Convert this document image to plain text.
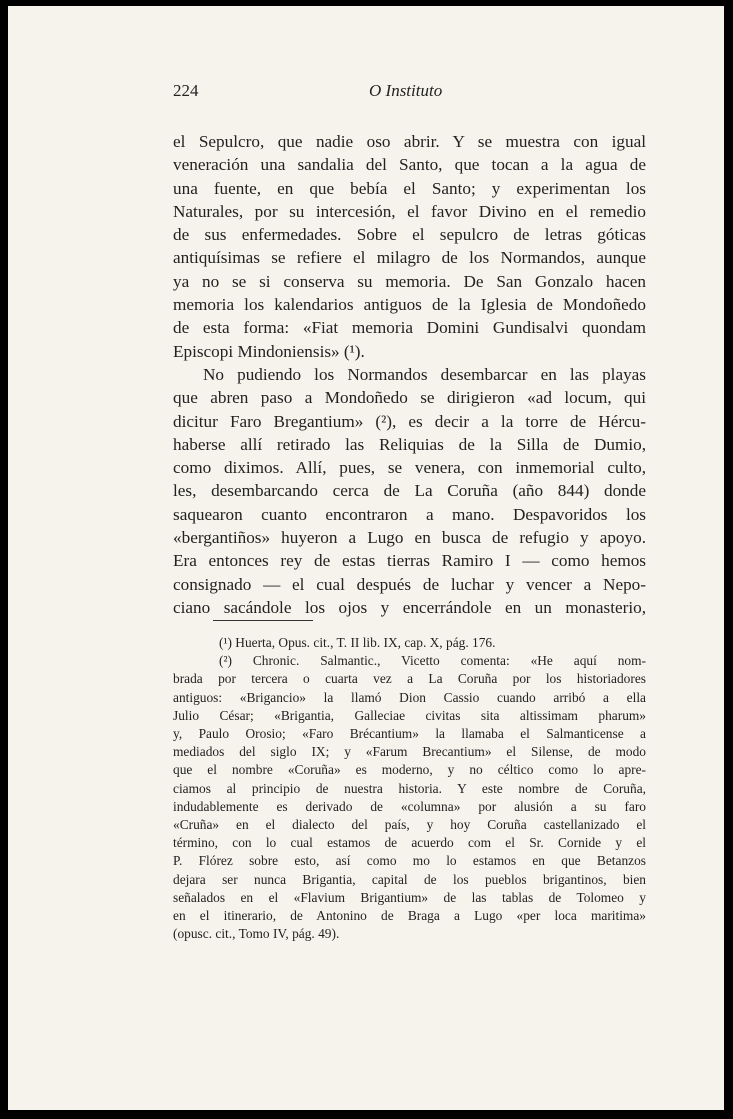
224	O Instituto
el Sepulcro, que nadie oso abrir. Y se muestra con igual
veneración una sandalia del Santo, que tocan a la agua de
una fuente, en que bebía el Santo; y experimentan los
Naturales, por su intercesión, el favor Divino en el remedio
de sus enfermedades. Sobre el sepulcro de letras góticas
antiquísimas se refiere el milagro de los Normandos, aunque
ya no se si conserva su memoria. De San Gonzalo hacen
memoria los kalendarios antiguos de la Iglesia de Mondoñedo
de esta forma: «Fiat memoria Domini Gundisalvi quondam
Episcopi Mindoniensis» (¹).
No pudiendo los Normandos desembarcar en las playas
que abren paso a Mondoñedo se dirigieron «ad locum, qui
dicitur Faro Bregantium» (²), es decir a la torre de Hércu-
haberse allí retirado las Reliquias de la Silla de Dumio,
como diximos. Allí, pues, se venera, con inmemorial culto,
les, desembarcando cerca de La Coruña (año 844) donde
saquearon cuanto encontraron a mano. Despavoridos los
«bergantiños» huyeron a Lugo en busca de refugio y apoyo.
Era entonces rey de estas tierras Ramiro I — como hemos
consignado — el cual después de luchar y vencer a Nepo-
ciano sacándole los ojos y encerrándole en un monasterio,
(¹) Huerta, Opus. cit., T. II lib. IX, cap. X, pág. 176.
(²) Chronic. Salmantic., Vicetto comenta: «He aquí nom-
brada por tercera o cuarta vez a La Coruña por los historiadores
antiguos: «Brigancio» la llamó Dion Cassio cuando arribó a ella
Julio César; «Brigantia, Galleciae civitas sita altissimam pharum»
y, Paulo Orosio; «Faro Brécantium» la llamaba el Salmanticense a
mediados del siglo IX; y «Farum Brecantium» el Silense, de modo
que el nombre «Coruña» es moderno, y no céltico como lo apre-
ciamos al principio de nuestra historia. Y este nombre de Coruña,
indudablemente es derivado de «columna» por alusión a su faro
«Cruña» en el dialecto del país, y hoy Coruña castellanizado el
término, con lo cual estamos de acuerdo com el Sr. Cornide y el
P. Flórez sobre esto, así como mo lo estamos en que Betanzos
dejara ser nunca Brigantia, capital de los pueblos brigantinos, bien
señalados en el «Flavium Brigantium» de las tablas de Tolomeo y
en el itinerario, de Antonino de Braga a Lugo «per loca maritima»
(opusc. cit., Tomo IV, pág. 49).
